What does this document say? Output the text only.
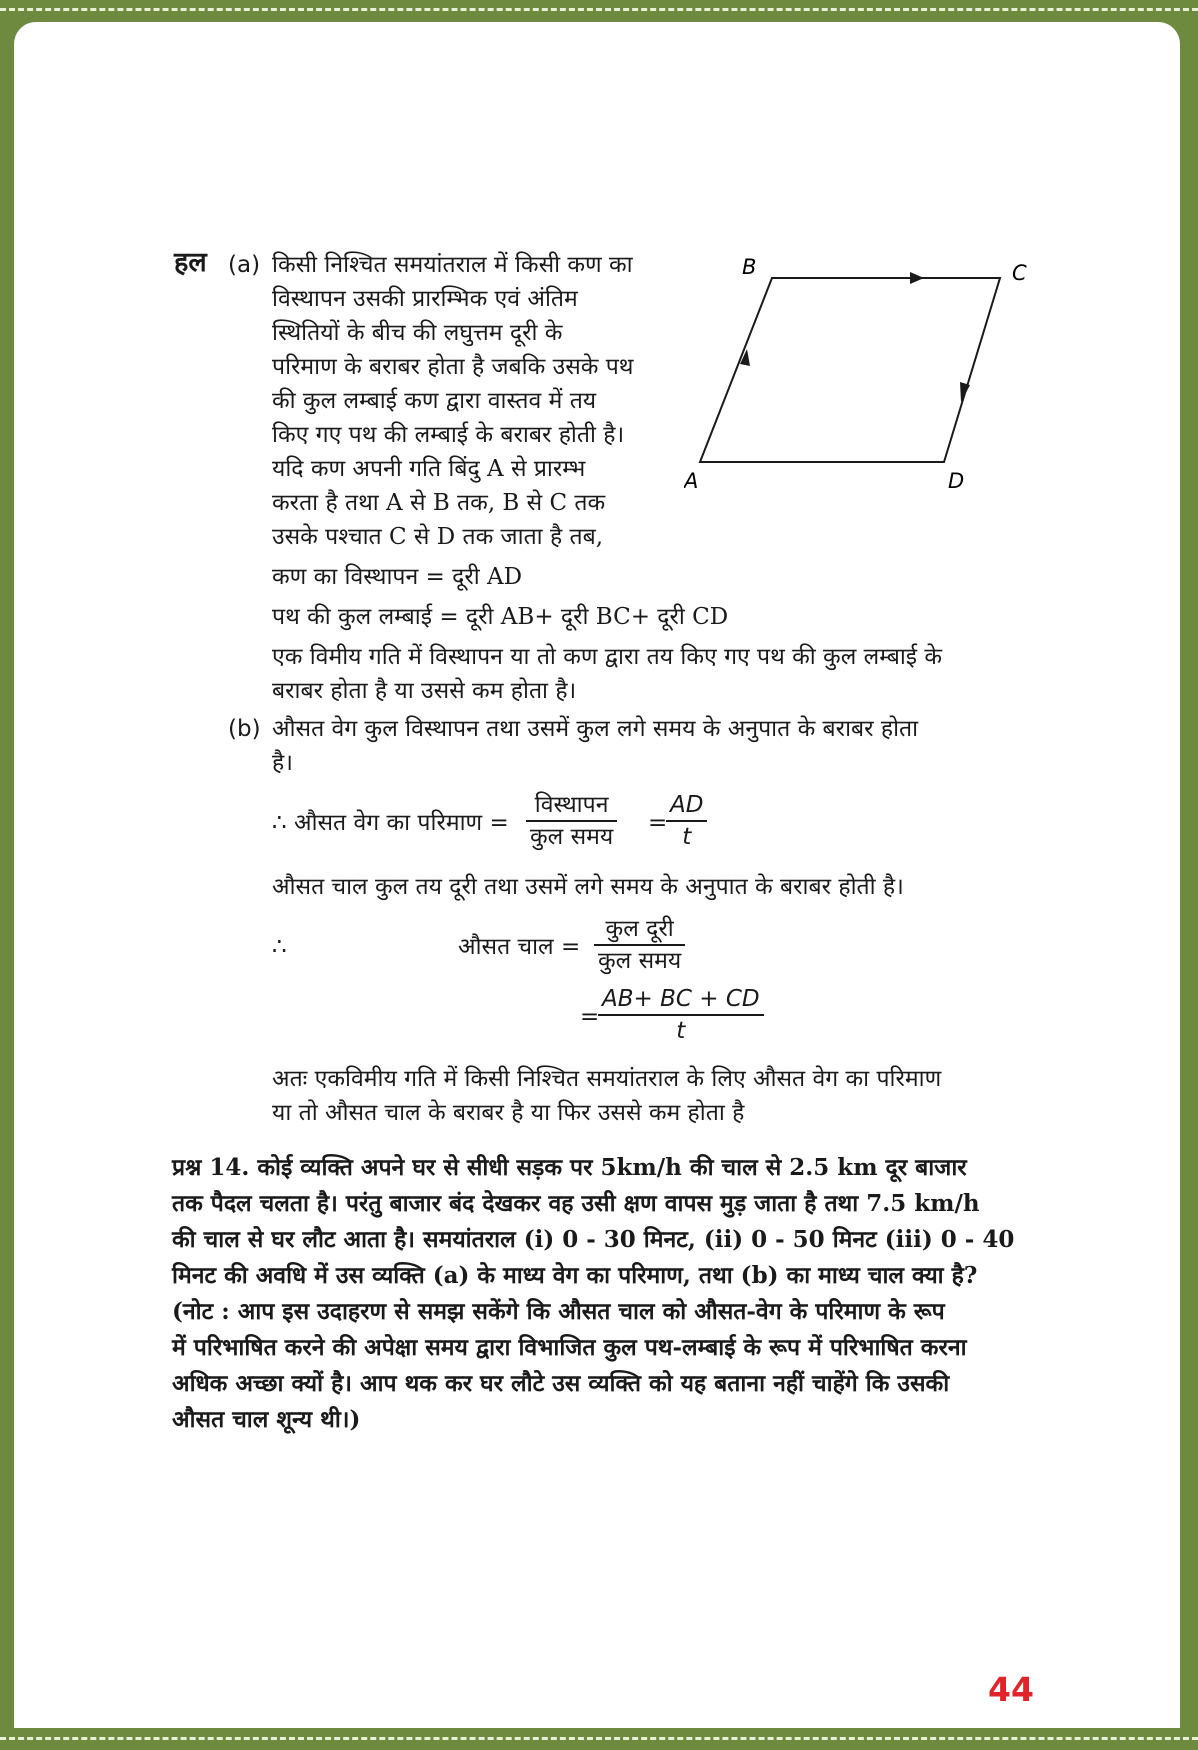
हल (a) किसी निश्चित समयांतराल में किसी कण का
विस्थापन उसकी प्रारम्भिक एवं अंतिम
स्थितियों के बीच की लघुत्तम दूरी के
परिमाण के बराबर होता है जबकि उसके पथ
की कुल लम्बाई कण द्वारा वास्तव में तय
किए गए पथ की लम्बाई के बराबर होती है।
यदि कण अपनी गति बिंदु A से प्रारम्भ
करता है तथा A से B तक, B से C तक
उसके पश्चात C से D तक जाता है तब,
B	C
A	D
कण का विस्थापन = दूरी AD
पथ की कुल लम्बाई = दूरी AB+ दूरी BC+ दूरी CD
एक विमीय गति में विस्थापन या तो कण द्वारा तय किए गए पथ की कुल लम्बाई के
बराबर होता है या उससे कम होता है।
(b) औसत वेग कुल विस्थापन तथा उसमें कुल लगे समय के अनुपात के बराबर होता
है।
∴ औसत वेग का परिमाण =
विस्थापन
कुल समय
=
$\frac{AD}{t}$
औसत चाल कुल तय दूरी तथा उसमें लगे समय के अनुपात के बराबर होती है।
∴	औसत चाल =
कुल दूरी
कुल समय
=
$\frac{AB+ BC + CD}{t}$
अतः एकविमीय गति में किसी निश्चित समयांतराल के लिए औसत वेग का परिमाण
या तो औसत चाल के बराबर है या फिर उससे कम होता है
प्रश्न 14. कोई व्यक्ति अपने घर से सीधी सड़क पर 5km/h की चाल से 2.5 km दूर बाजार
तक पैदल चलता है। परंतु बाजार बंद देखकर वह उसी क्षण वापस मुड़ जाता है तथा 7.5 km/h
की चाल से घर लौट आता है। समयांतराल (i) 0 - 30 मिनट, (ii) 0 - 50 मिनट (iii) 0 - 40
मिनट की अवधि में उस व्यक्ति (a) के माध्य वेग का परिमाण, तथा (b) का माध्य चाल क्या है?
(नोट : आप इस उदाहरण से समझ सकेंगे कि औसत चाल को औसत-वेग के परिमाण के रूप
में परिभाषित करने की अपेक्षा समय द्वारा विभाजित कुल पथ-लम्बाई के रूप में परिभाषित करना
अधिक अच्छा क्यों है। आप थक कर घर लौटे उस व्यक्ति को यह बताना नहीं चाहेंगे कि उसकी
औसत चाल शून्य थी।)
44
